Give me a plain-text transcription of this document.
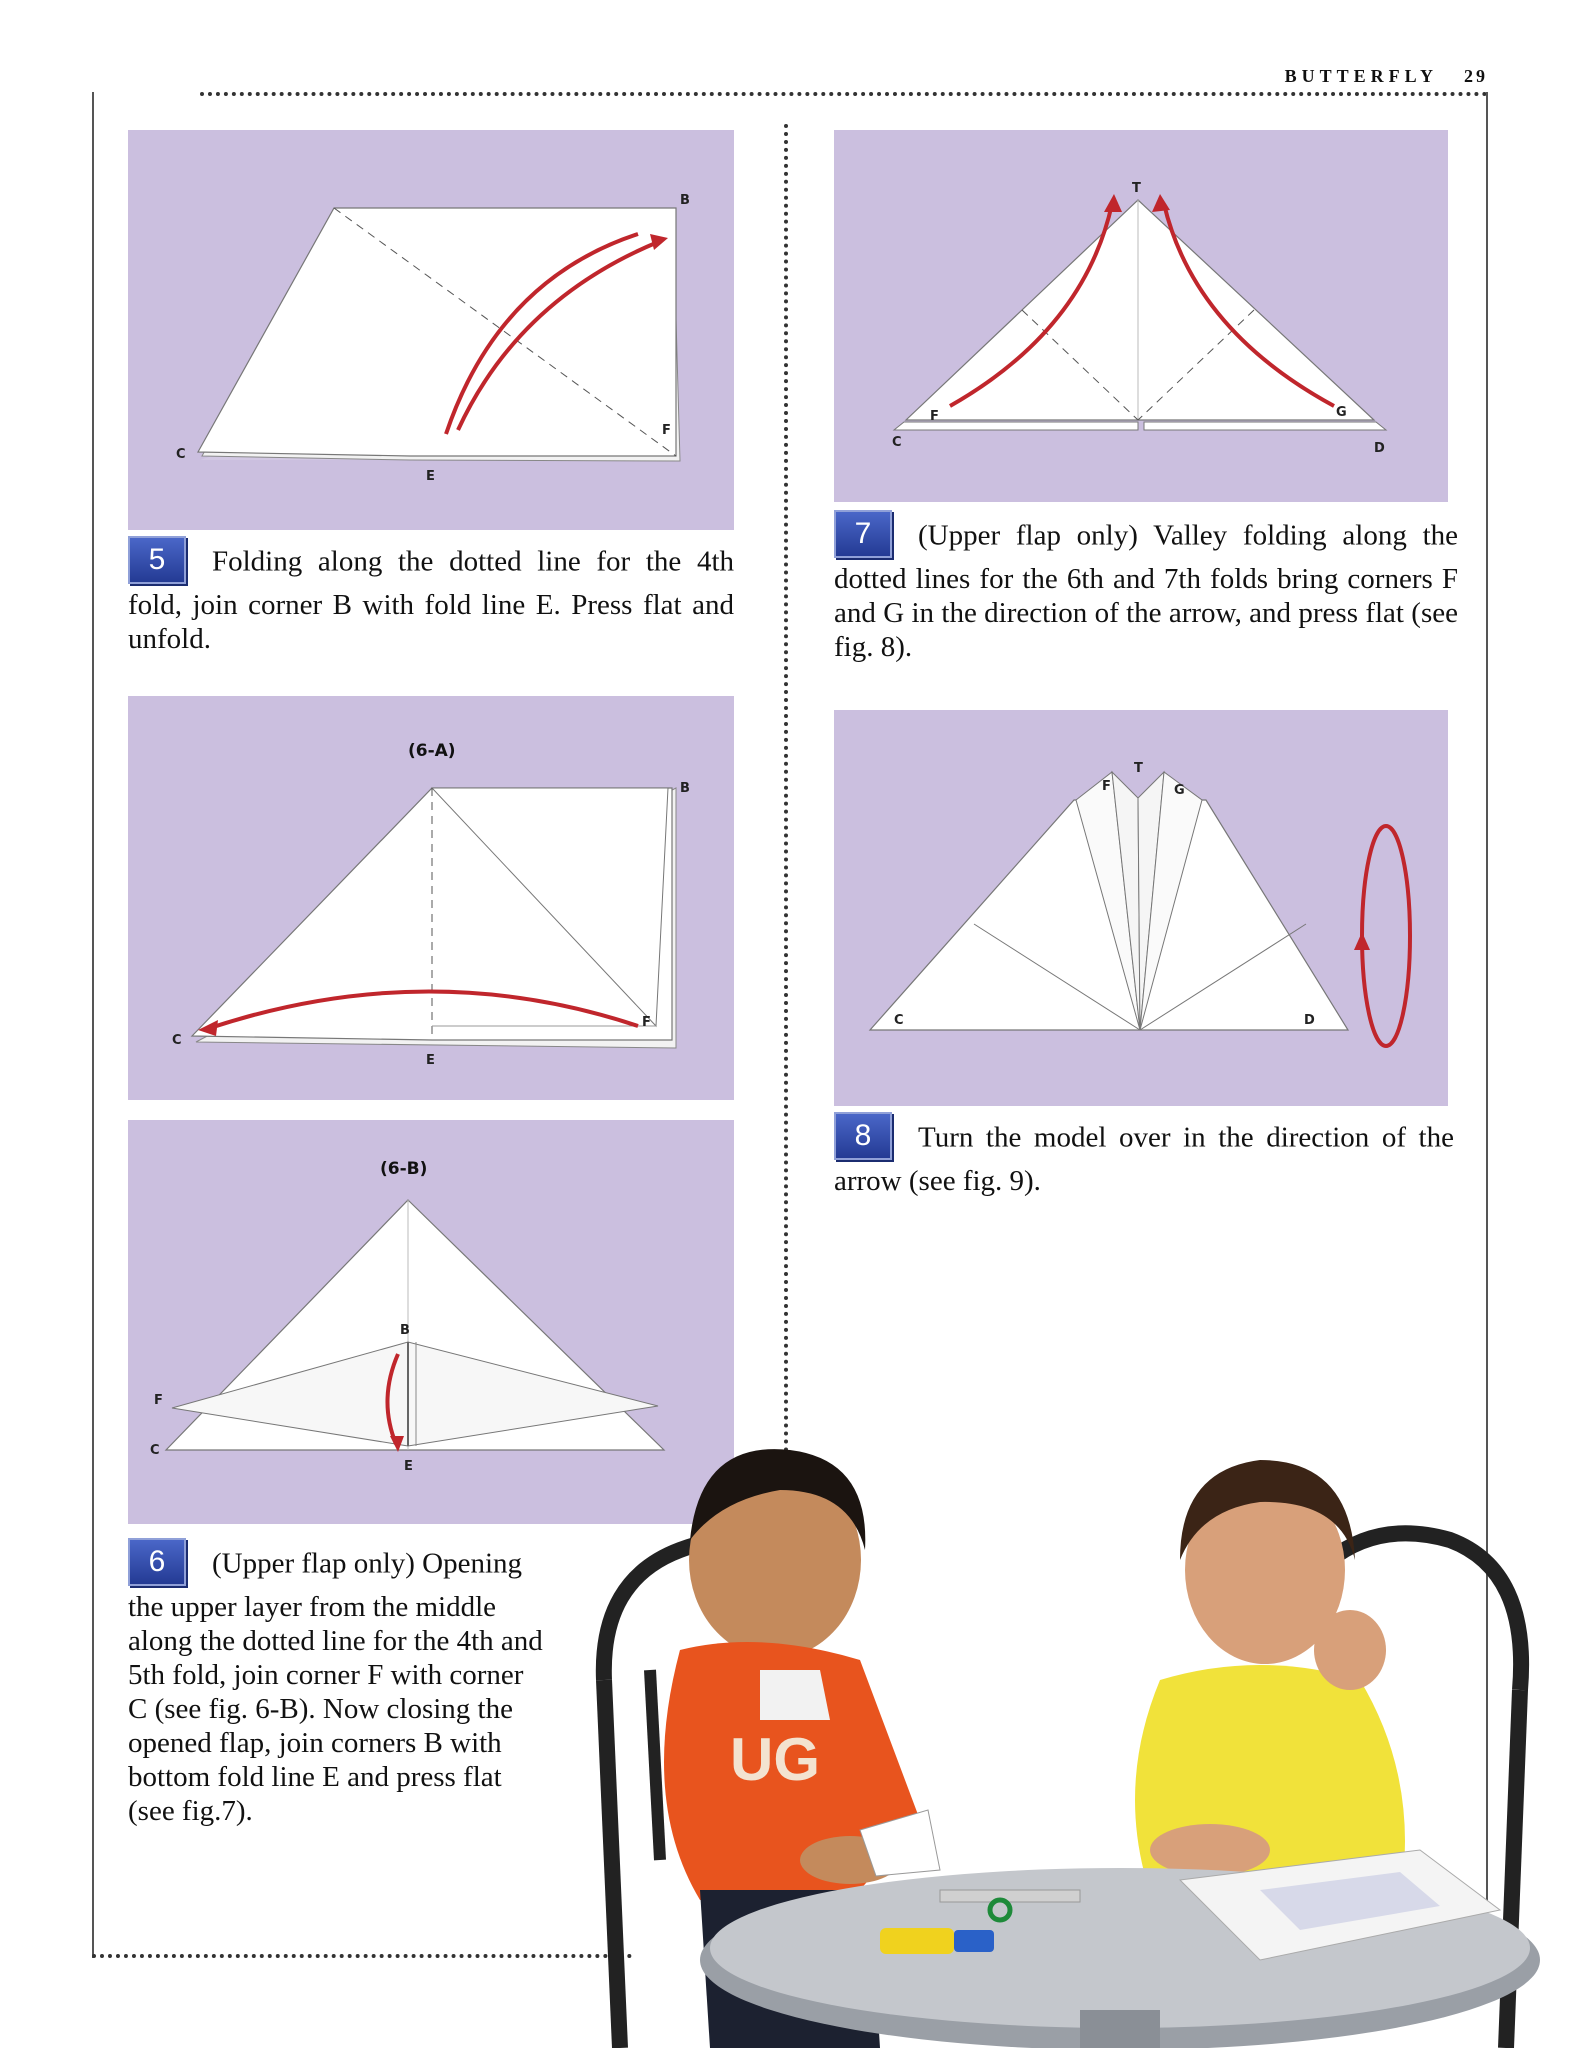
BUTTERFLY 29
B
C
E
F
5 Folding along the dotted line for the 4th fold, join corner B with fold line E. Press flat and unfold.
(6-A)
B
C
E
F
(6-B)
B
F
C
E
6 (Upper flap only) Opening the upper layer from the middle along the dotted line for the 4th and 5th fold, join corner F with corner C (see fig. 6-B). Now closing the opened flap, join corners B with bottom fold line E and press flat (see fig.7).
T
F	G
C	D
7 (Upper flap only) Valley folding along the dotted lines for the 6th and 7th folds bring corners F and G in the direction of the arrow, and press flat (see fig. 8).
F
T
G
C	D
8 Turn the model over in the direction of the arrow (see fig. 9).
UG
